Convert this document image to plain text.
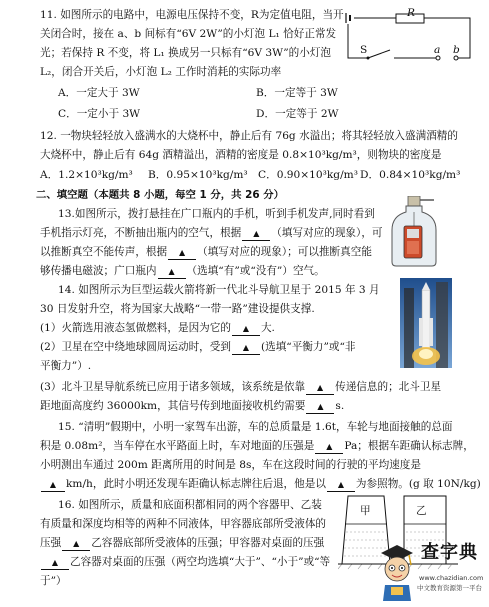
11. 如图所示的电路中，电源电压保持不变，R为定值电阻，当开
关闭合时，接在 a、b 间标有“6V 2W”的小灯泡 L₁ 恰好正常发
光；若保持 R 不变，将 L₁ 换成另一只标有“6V 3W”的小灯泡
L₂，闭合开关后，小灯泡 L₂ 工作时消耗的实际功率
R
S	a b
A．一定大于 3W	B．一定等于 3W
C．一定小于 3W	D．一定等于 2W
12. 一物块轻轻放入盛满水的大烧杯中，静止后有 76g 水溢出；将其轻轻放入盛满酒精的
大烧杯中，静止后有 64g 酒精溢出，酒精的密度是 0.8×10³kg/m³，则物块的密度是
A．1.2×10³kg/m³ B．0.95×10³kg/m³ C．0.90×10³kg/m³ D．0.84×10³kg/m³
二、填空题（本题共 8 小题，每空 1 分，共 26 分）
13.如图所示，拨打悬挂在广口瓶内的手机，听到手机发声,同时看到
手机指示灯亮，不断抽出瓶内的空气，根据 ▲ （填写对应的现象），可
以推断真空不能传声，根据 ▲ （填写对应的现象）；可以推断真空能
够传播电磁波；广口瓶内 ▲ （选填“有”或“没有”）空气。
14. 如图所示为巨型运载火箭将新一代北斗导航卫星于 2015 年 3 月
30 日发射升空，将为国家大战略“一带一路”建设提供支撑.
(1）火箭选用液态氢做燃料，是因为它的 ▲ 大.
(2）卫星在空中绕地球圆周运动时，受到 ▲ (选填“平衡力”或“非
平衡力”）.
(3）北斗卫星导航系统已应用于诸多领域，该系统是依靠 ▲ 传递信息的；北斗卫星
距地面高度约 36000km，其信号传到地面接收机约需要 ▲ s.
15. “清明”假期中，小明一家驾车出游，车的总质量是 1.6t，车轮与地面接触的总面
积是 0.08m²，当车停在水平路面上时，车对地面的压强是 ▲ Pa；根据车距确认标志牌，
小明测出车通过 200m 距离所用的时间是 8s，车在这段时间的行驶的平均速度是
▲ km/h，此时小明还发现车距确认标志牌往后退，他是以 ▲ 为参照物。(g 取 10N/kg)
16. 如图所示，质量和底面积都相同的两个容器甲、乙装
有质量和深度均相等的两种不同液体，甲容器底部所受液体的
压强 ▲ 乙容器底部所受液体的压强；甲容器对桌面的压强
▲ 乙容器对桌面的压强（两空均选填“大于”、“小于”或“等
于”）
甲	乙
查字典
www.chazidian.com
中文教育资源第一平台
